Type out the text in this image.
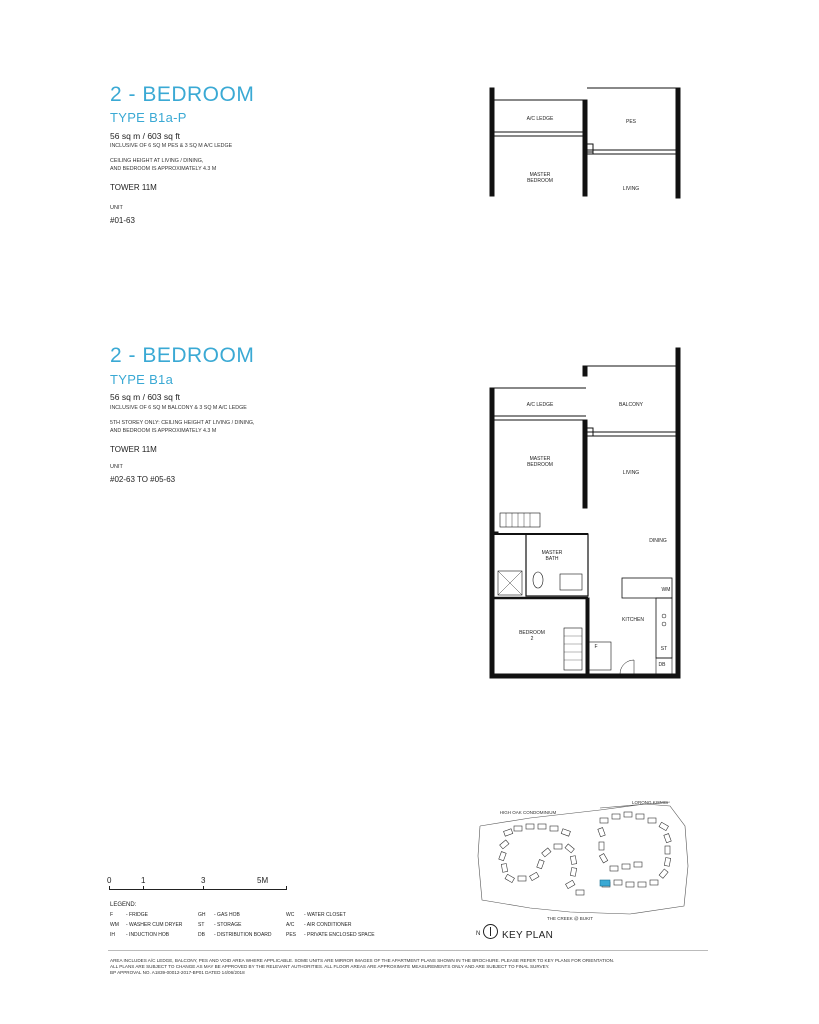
2 - BEDROOM
TYPE B1a-P
56 sq m / 603 sq ft
INCLUSIVE OF 6 SQ M PES & 3 SQ M A/C LEDGE
CEILING HEIGHT AT LIVING / DINING,
AND BEDROOM IS APPROXIMATELY 4.3 M
TOWER 11M
UNIT
#01-63
A/C LEDGE	PES
MASTER
BEDROOM
LIVING
2 - BEDROOM
TYPE B1a
56 sq m / 603 sq ft
INCLUSIVE OF 6 SQ M BALCONY & 3 SQ M A/C LEDGE
5TH STOREY ONLY: CEILING HEIGHT AT LIVING / DINING,
AND BEDROOM IS APPROXIMATELY 4.3 M
TOWER 11M
UNIT
#02-63 TO #05-63
A/C LEDGE	BALCONY
MASTER
BEDROOM
LIVING
DINING
MASTER
BATH
WM
KITCHEN
BEDROOM
2
F	ST
DB
0	1	3	5M
LEGEND:
F	- FRIDGE	GH - GAS HOB	WC - WATER CLOSET
WM - WASHER CUM DRYER	ST - STORAGE	A/C - AIR CONDITIONER
IH - INDUCTION HOB	DB - DISTRIBUTION BOARD	PES - PRIVATE ENCLOSED SPACE
LORONG KISMIS
HIGH OAK CONDOMINIUM
THE CREEK @ BUKIT
N KEY PLAN
AREA INCLUDES A/C LEDGE, BALCONY, PES AND VOID AREA WHERE APPLICABLE. SOME UNITS ARE MIRROR IMAGES OF THE APARTMENT PLANS SHOWN IN THE BROCHURE. PLEASE REFER TO KEY PLANS FOR ORIENTATION.
ALL PLANS ARE SUBJECT TO CHANGE AS MAY BE APPROVED BY THE RELEVANT AUTHORITIES. ALL FLOOR AREAS ARE APPROXIMATE MEASUREMENTS ONLY AND ARE SUBJECT TO FINAL SURVEY.
BP APPROVAL NO. A1839-00012-2017-BP01 DATED 14/06/2018
